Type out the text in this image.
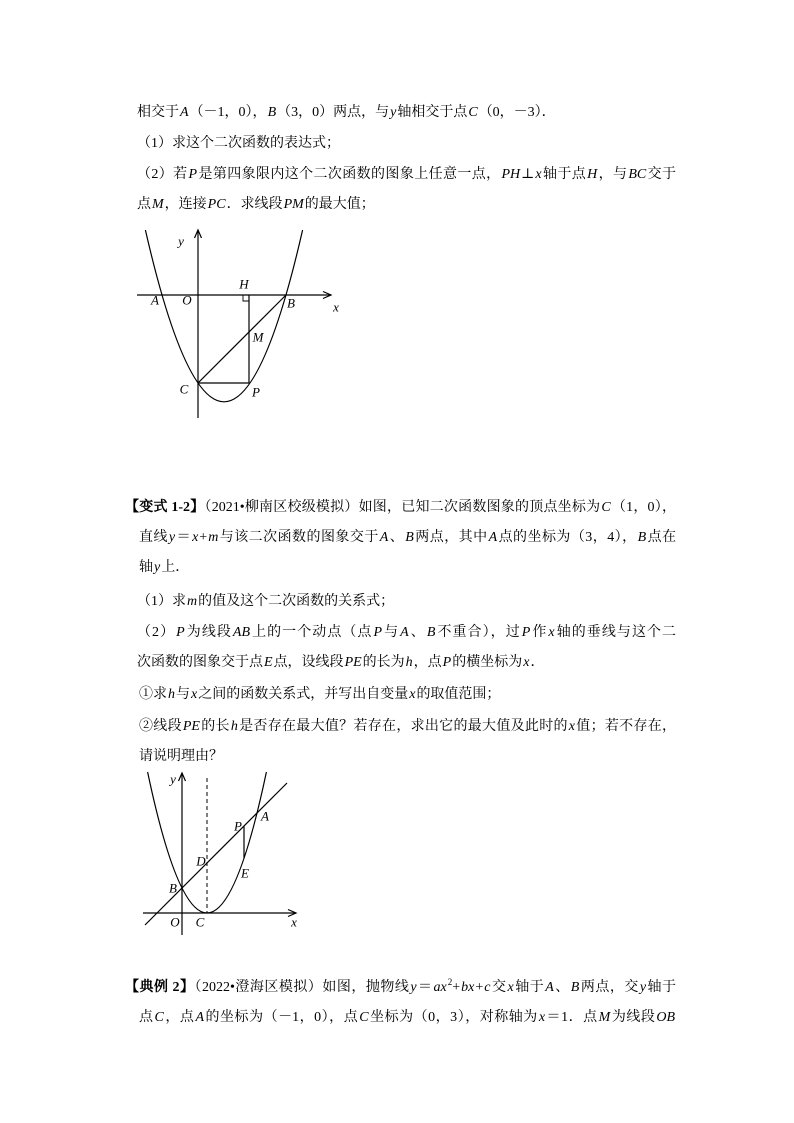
相交于A（－1，0），B（3，0）两点，与y轴相交于点C（0，－3）．
（1）求这个二次函数的表达式；
（2）若P是第四象限内这个二次函数的图象上任意一点，PH⊥x轴于点H，与BC交于
点M，连接PC．求线段PM的最大值；
y
x
O
A
H
B
M
C	P
【变式 1-2】（2021•柳南区校级模拟）如图，已知二次函数图象的顶点坐标为C（1，0），
直线y＝x+m与该二次函数的图象交于A、B两点，其中A点的坐标为（3，4），B点在
轴y上．
（1）求m的值及这个二次函数的关系式；
（2）P为线段AB上的一个动点（点P与A、B不重合），过P作x轴的垂线与这个二
次函数的图象交于点E点，设线段PE的长为h，点P的横坐标为x．
①求h与x之间的函数关系式，并写出自变量x的取值范围；
②线段PE的长h是否存在最大值？若存在，求出它的最大值及此时的x值；若不存在，
请说明理由？
y
A
P
D
E
B
O C	x
【典例 2】（2022•澄海区模拟）如图，抛物线$y=ax^2+bx+c$交x轴于A、B两点，交y轴于
点C，点A的坐标为（－1，0），点C坐标为（0，3），对称轴为x＝1．点M为线段OB
